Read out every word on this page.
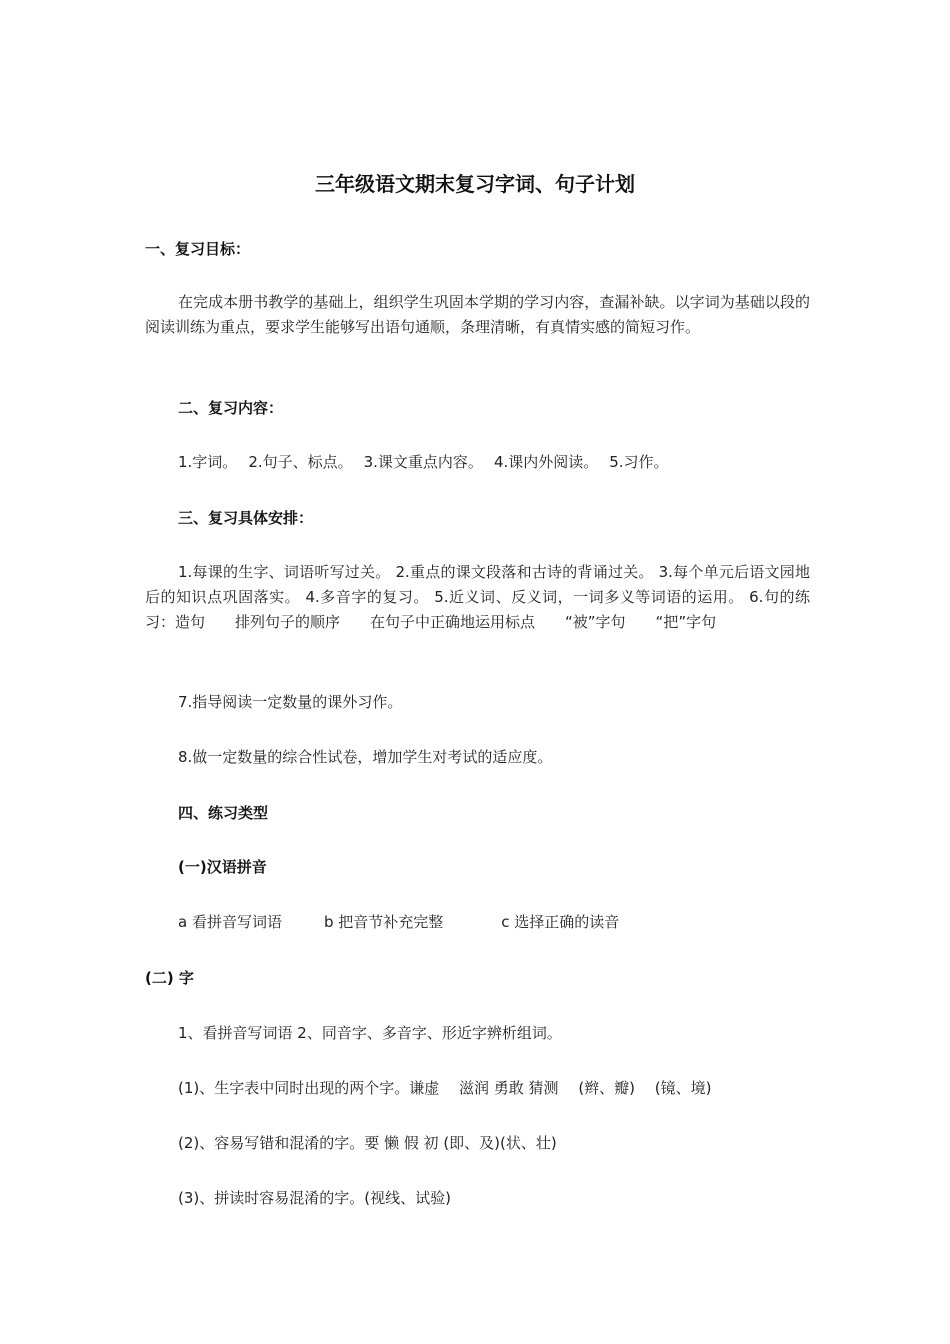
三年级语文期末复习字词、句子计划
一、复习目标：
在完成本册书教学的基础上，组织学生巩固本学期的学习内容，查漏补缺。以字词为基础以段的阅读训练为重点，要求学生能够写出语句通顺，条理清晰，有真情实感的简短习作。
二、复习内容：
1.字词。 2.句子、标点。 3.课文重点内容。 4.课内外阅读。 5.习作。
三、复习具体安排：
1.每课的生字、词语听写过关。 2.重点的课文段落和古诗的背诵过关。 3.每个单元后语文园地后的知识点巩固落实。 4.多音字的复习。 5.近义词、反义词，一词多义等词语的运用。 6.句的练习：造句　　排列句子的顺序　　在句子中正确地运用标点　　“被”字句　　“把”字句
7.指导阅读一定数量的课外习作。
8.做一定数量的综合性试卷，增加学生对考试的适应度。
四、练习类型
(一)汉语拼音
a 看拼音写词语	b 把音节补充完整	c 选择正确的读音
(二) 字
1、看拼音写词语 2、同音字、多音字、形近字辨析组词。
(1)、生字表中同时出现的两个字。谦虚　 滋润 勇敢 猜测　 (辫、瓣)　 (镜、境)
(2)、容易写错和混淆的字。要 懒 假 初 (即、及)(状、壮)
(3)、拼读时容易混淆的字。(视线、试验)
